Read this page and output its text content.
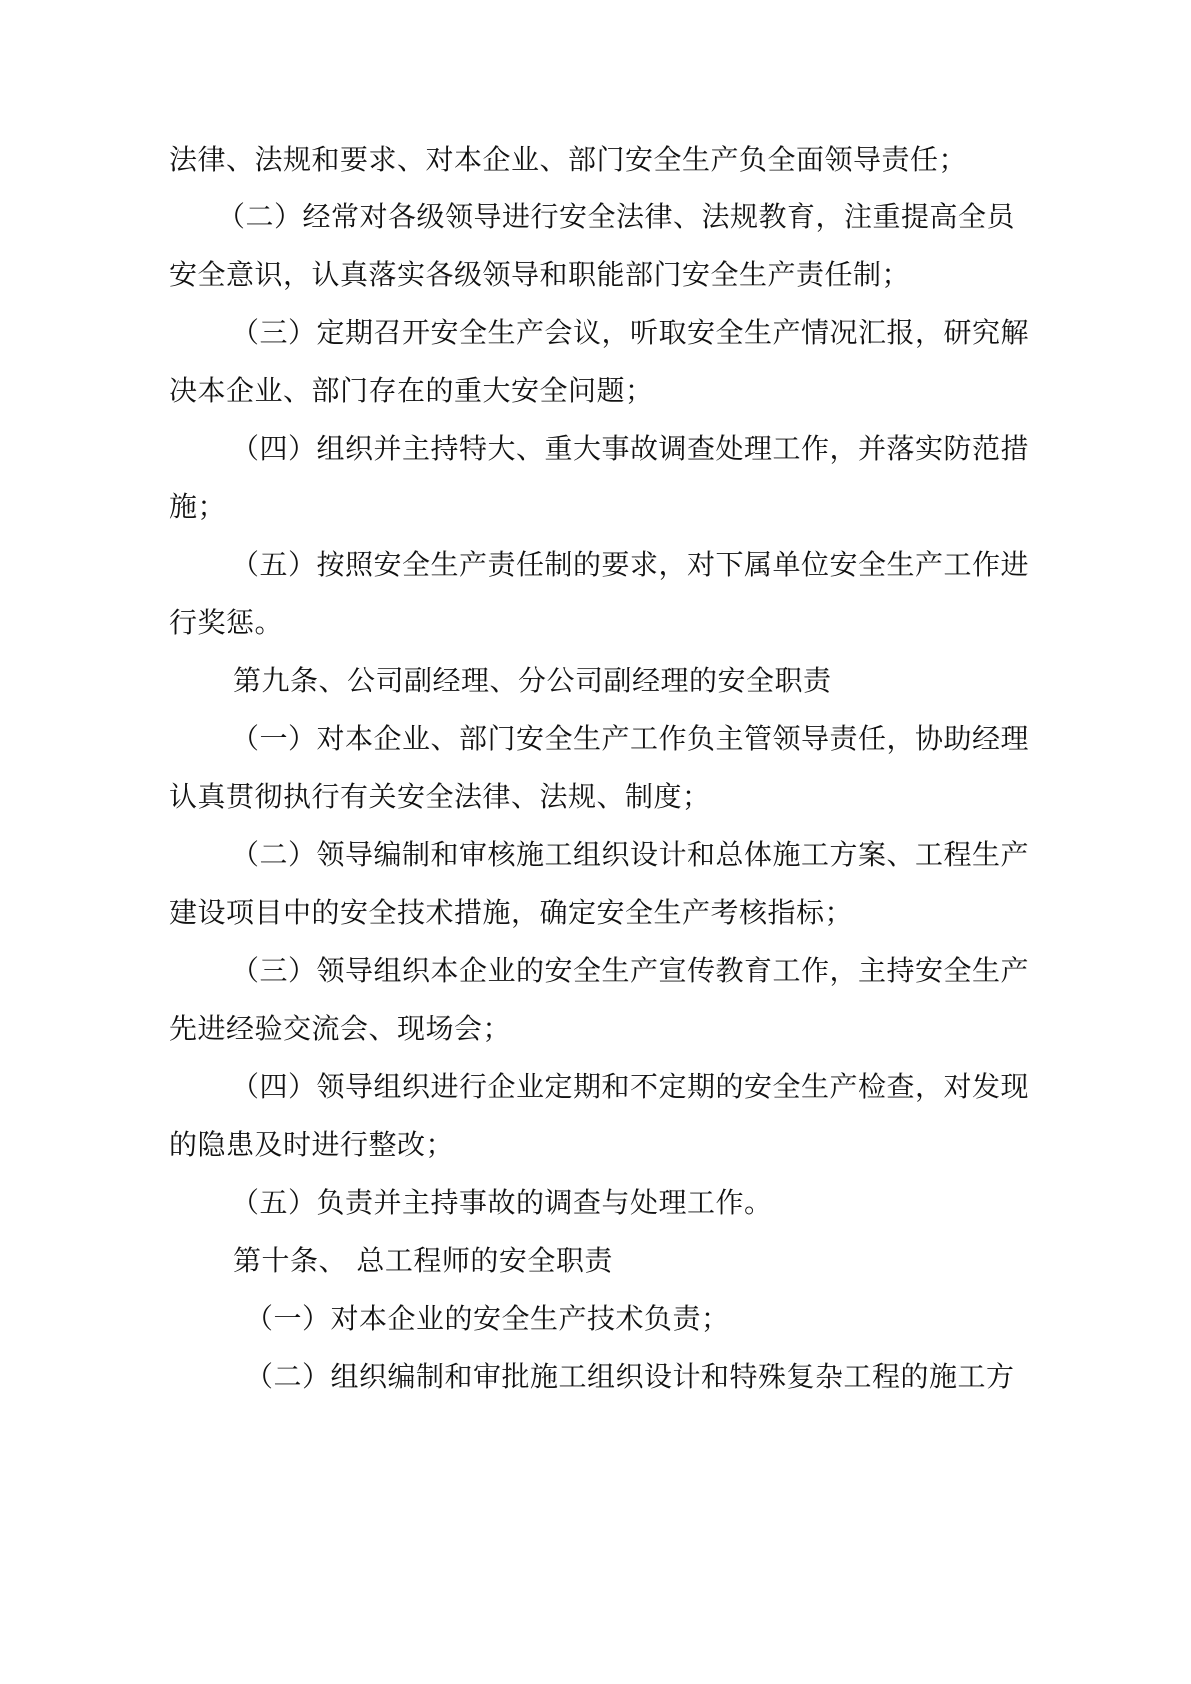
法律、法规和要求、对本企业、部门安全生产负全面领导责任；
（二）经常对各级领导进行安全法律、法规教育，注重提高全员
安全意识，认真落实各级领导和职能部门安全生产责任制；
（三）定期召开安全生产会议，听取安全生产情况汇报，研究解
决本企业、部门存在的重大安全问题；
（四）组织并主持特大、重大事故调查处理工作，并落实防范措
施；
（五）按照安全生产责任制的要求，对下属单位安全生产工作进
行奖惩。
第九条、公司副经理、分公司副经理的安全职责
（一）对本企业、部门安全生产工作负主管领导责任，协助经理
认真贯彻执行有关安全法律、法规、制度；
（二）领导编制和审核施工组织设计和总体施工方案、工程生产
建设项目中的安全技术措施，确定安全生产考核指标；
（三）领导组织本企业的安全生产宣传教育工作，主持安全生产
先进经验交流会、现场会；
（四）领导组织进行企业定期和不定期的安全生产检查，对发现
的隐患及时进行整改；
（五）负责并主持事故的调查与处理工作。
第十条、 总工程师的安全职责
（一）对本企业的安全生产技术负责；
（二）组织编制和审批施工组织设计和特殊复杂工程的施工方
